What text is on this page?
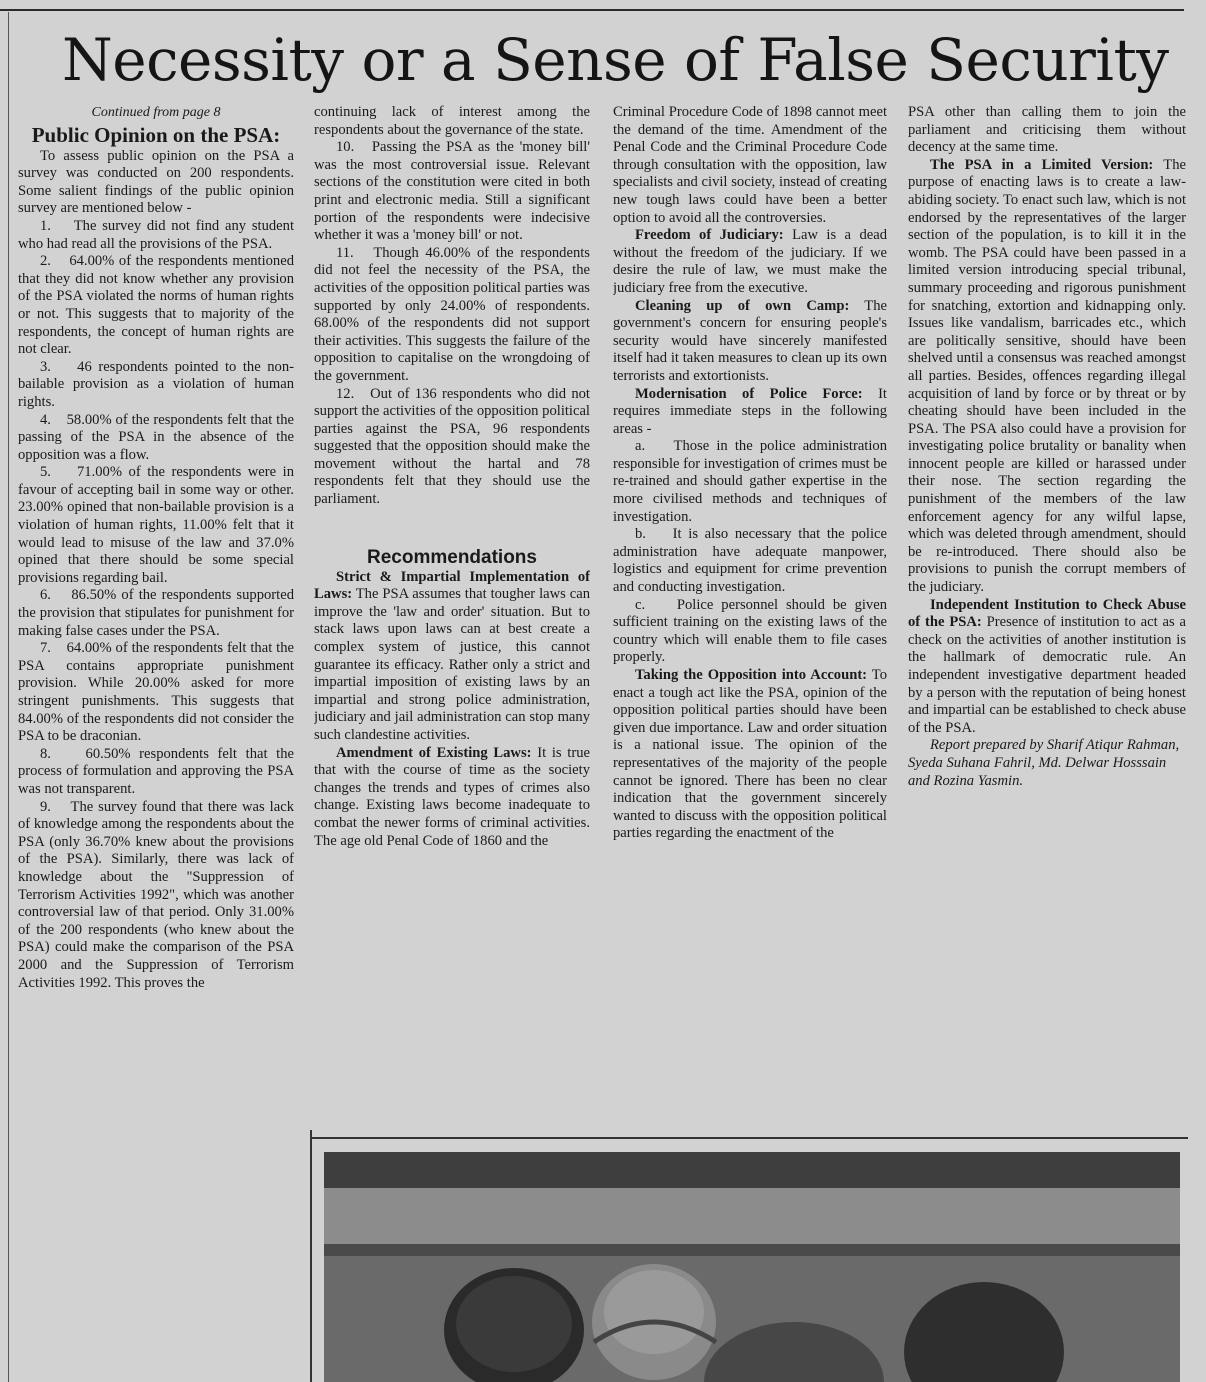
Necessity or a Sense of False Security
Continued from page 8
Public Opinion on the PSA:

To assess public opinion on the PSA a survey was conducted on 200 respondents. Some salient findings of the public opinion survey are mentioned below -

1.    The survey did not find any student who had read all the provisions of the PSA.

2.    64.00% of the respondents mentioned that they did not know whether any provision of the PSA violated the norms of human rights or not. This suggests that to majority of the respondents, the concept of human rights are not clear.

3.    46 respondents pointed to the non-bailable provision as a violation of human rights.

4.    58.00% of the respondents felt that the passing of the PSA in the absence of the opposition was a flow.

5.    71.00% of the respondents were in favour of accepting bail in some way or other. 23.00% opined that non-bailable provision is a violation of human rights, 11.00% felt that it would lead to misuse of the law and 37.0% opined that there should be some special provisions regarding bail.

6.    86.50% of the respondents supported the provision that stipulates for punishment for making false cases under the PSA.

7.    64.00% of the respondents felt that the PSA contains appropriate punishment provision. While 20.00% asked for more stringent punishments. This suggests that 84.00% of the respondents did not consider the PSA to be draconian.

8.    60.50% respondents felt that the process of formulation and approving the PSA was not transparent.

9.    The survey found that there was lack of knowledge among the respondents about the PSA (only 36.70% knew about the provisions of the PSA). Similarly, there was lack of knowledge about the "Suppression of Terrorism Activities 1992", which was another controversial law of that period. Only 31.00% of the 200 respondents (who knew about the PSA) could make the comparison of the PSA 2000 and the Suppression of Terrorism Activities 1992. This proves the

continuing lack of interest among the respondents about the governance of the state.

10.   Passing the PSA as the 'money bill' was the most controversial issue. Relevant sections of the constitution were cited in both print and electronic media. Still a significant portion of the respondents were indecisive whether it was a 'money bill' or not.

11.   Though 46.00% of the respondents did not feel the necessity of the PSA, the activities of the opposition political parties was supported by only 24.00% of respondents. 68.00% of the respondents did not support their activities. This suggests the failure of the opposition to capitalise on the wrongdoing of the government.

12.   Out of 136 respondents who did not support the activities of the opposition political parties against the PSA, 96 respondents suggested that the opposition should make the movement without the hartal and 78 respondents felt that they should use the parliament.

Recommendations

Strict & Impartial Implementation of Laws: The PSA assumes that tougher laws can improve the 'law and order' situation. But to stack laws upon laws can at best create a complex system of justice, this cannot guarantee its efficacy. Rather only a strict and impartial imposition of existing laws by an impartial and strong police administration, judiciary and jail administration can stop many such clandestine activities.

Amendment of Existing Laws: It is true that with the course of time as the society changes the trends and types of crimes also change. Existing laws become inadequate to combat the newer forms of criminal activities. The age old Penal Code of 1860 and the

Criminal Procedure Code of 1898 cannot meet the demand of the time. Amendment of the Penal Code and the Criminal Procedure Code through consultation with the opposition, law specialists and civil society, instead of creating new tough laws could have been a better option to avoid all the controversies.

Freedom of Judiciary: Law is a dead without the freedom of the judiciary. If we desire the rule of law, we must make the judiciary free from the executive.

Cleaning up of own Camp: The government's concern for ensuring people's security would have sincerely manifested itself had it taken measures to clean up its own terrorists and extortionists.

Modernisation of Police Force: It requires immediate steps in the following areas -

a.    Those in the police administration responsible for investigation of crimes must be re-trained and should gather expertise in the more civilised methods and techniques of investigation.

b.    It is also necessary that the police administration have adequate manpower, logistics and equipment for crime prevention and conducting investigation.

c.    Police personnel should be given sufficient training on the existing laws of the country which will enable them to file cases properly.

Taking the Opposition into Account: To enact a tough act like the PSA, opinion of the opposition political parties should have been given due importance. Law and order situation is a national issue. The opinion of the representatives of the majority of the people cannot be ignored. There has been no clear indication that the government sincerely wanted to discuss with the opposition political parties regarding the enactment of the

PSA other than calling them to join the parliament and criticising them without decency at the same time.

The PSA in a Limited Version: The purpose of enacting laws is to create a law-abiding society. To enact such law, which is not endorsed by the representatives of the larger section of the population, is to kill it in the womb. The PSA could have been passed in a limited version introducing special tribunal, summary proceeding and rigorous punishment for snatching, extortion and kidnapping only. Issues like vandalism, barricades etc., which are politically sensitive, should have been shelved until a consensus was reached amongst all parties. Besides, offences regarding illegal acquisition of land by force or by threat or by cheating should have been included in the PSA. The PSA also could have a provision for investigating police brutality or banality when innocent people are killed or harassed under their nose. The section regarding the punishment of the members of the law enforcement agency for any wilful lapse, which was deleted through amendment, should be re-introduced. There should also be provisions to punish the corrupt members of the judiciary.

Independent Institution to Check Abuse of the PSA: Presence of institution to act as a check on the activities of another institution is the hallmark of democratic rule. An independent investigative department headed by a person with the reputation of being honest and impartial can be established to check abuse of the PSA.

Report prepared by Sharif Atiqur Rahman, Syeda Suhana Fahril, Md. Delwar Hosssain and Rozina Yasmin.
